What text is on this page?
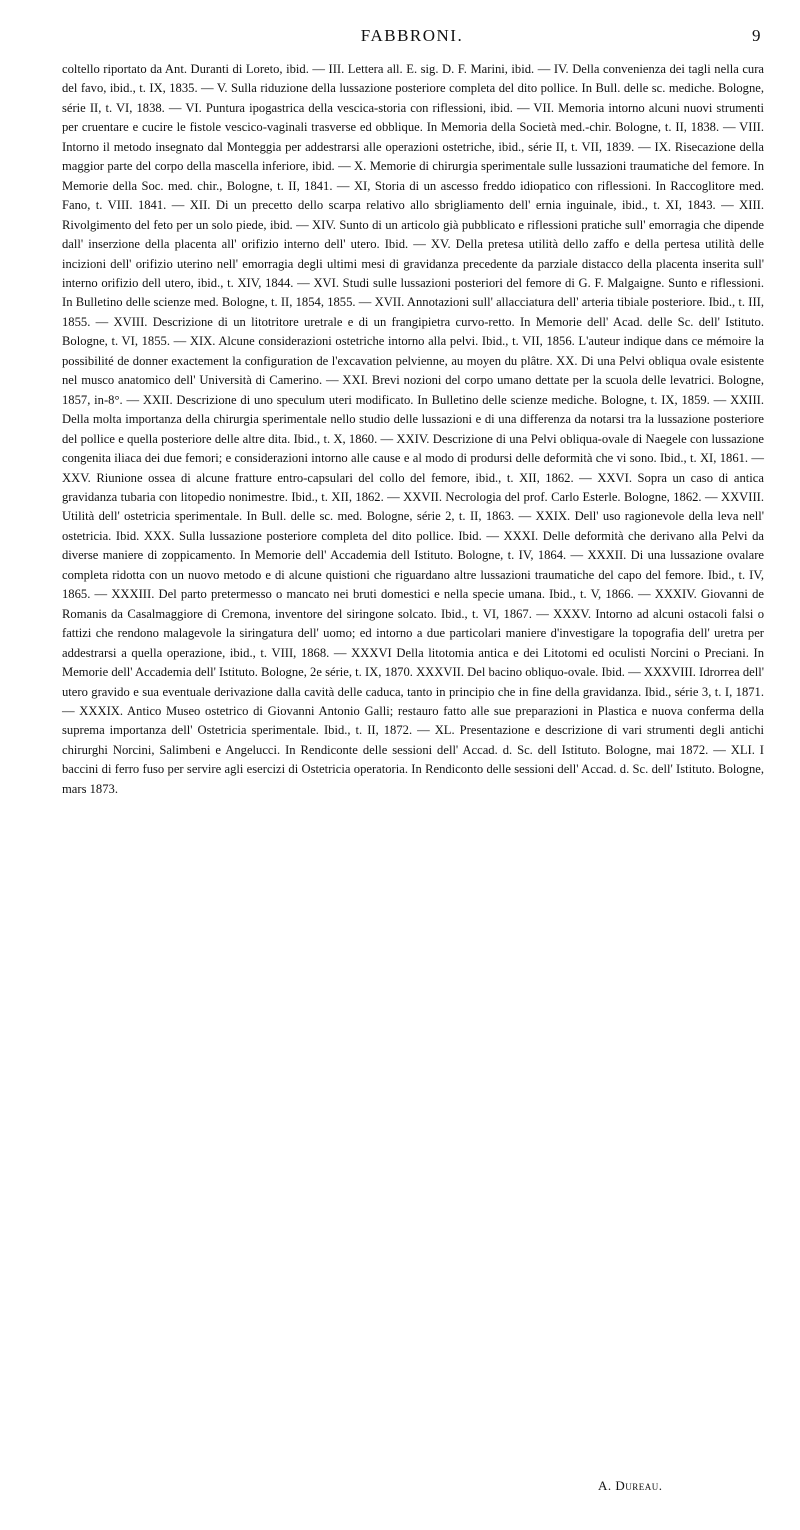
FABBRONI.	9
coltello riportato da Ant. Duranti di Loreto, ibid. — III. Lettera all. E. sig. D. F. Marini, ibid. — IV. Della convenienza dei tagli nella cura del favo, ibid., t. IX, 1835. — V. Sulla riduzione della lussazione posteriore completa del dito pollice. In Bull. delle sc. mediche. Bologne, série II, t. VI, 1838. — VI. Puntura ipogastrica della vescica-storia con riflessioni, ibid. — VII. Memoria intorno alcuni nuovi strumenti per cruentare e cucire le fistole vescico-vaginali trasverse ed obblique. In Memoria della Società med.-chir. Bologne, t. II, 1838. — VIII. Intorno il metodo insegnato dal Monteggia per addestrarsi alle operazioni ostetriche, ibid., série II, t. VII, 1839. — IX. Risecazione della maggior parte del corpo della mascella inferiore, ibid. — X. Memorie di chirurgia sperimentale sulle lussazioni traumatiche del femore. In Memorie della Soc. med. chir., Bologne, t. II, 1841. — XI, Storia di un ascesso freddo idiopatico con riflessioni. In Raccoglitore med. Fano, t. VIII. 1841. — XII. Di un precetto dello scarpa relativo allo sbrigliamento dell' ernia inguinale, ibid., t. XI, 1843. — XIII. Rivolgimento del feto per un solo piede, ibid. — XIV. Sunto di un articolo già pubblicato e riflessioni pratiche sull' emorragia che dipende dall' inserzione della placenta all' orifizio interno dell' utero. Ibid. — XV. Della pretesa utilità dello zaffo e della pertesa utilità delle incizioni dell' orifizio uterino nell' emorragia degli ultimi mesi di gravidanza precedente da parziale distacco della placenta inserita sull' interno orifizio dell utero, ibid., t. XIV, 1844. — XVI. Studi sulle lussazioni posteriori del femore di G. F. Malgaigne. Sunto e riflessioni. In Bulletino delle scienze med. Bologne, t. II, 1854, 1855. — XVII. Annotazioni sull' allacciatura dell' arteria tibiale posteriore. Ibid., t. III, 1855. — XVIII. Descrizione di un litotritore uretrale e di un frangipietra curvo-retto. In Memorie dell' Acad. delle Sc. dell' Istituto. Bologne, t. VI, 1855. — XIX. Alcune considerazioni ostetriche intorno alla pelvi. Ibid., t. VII, 1856. L'auteur indique dans ce mémoire la possibilité de donner exactement la configuration de l'excavation pelvienne, au moyen du plâtre. XX. Di una Pelvi obliqua ovale esistente nel musco anatomico dell' Università di Camerino. — XXI. Brevi nozioni del corpo umano dettate per la scuola delle levatrici. Bologne, 1857, in-8°. — XXII. Descrizione di uno speculum uteri modificato. In Bulletino delle scienze mediche. Bologne, t. IX, 1859. — XXIII. Della molta importanza della chirurgia sperimentale nello studio delle lussazioni e di una differenza da notarsi tra la lussazione posteriore del pollice e quella posteriore delle altre dita. Ibid., t. X, 1860. — XXIV. Descrizione di una Pelvi obliqua-ovale di Naegele con lussazione congenita iliaca dei due femori; e considerazioni intorno alle cause e al modo di prodursi delle deformità che vi sono. Ibid., t. XI, 1861. — XXV. Riunione ossea di alcune fratture entro-capsulari del collo del femore, ibid., t. XII, 1862. — XXVI. Sopra un caso di antica gravidanza tubaria con litopedio nonimestre. Ibid., t. XII, 1862. — XXVII. Necrologia del prof. Carlo Esterle. Bologne, 1862. — XXVIII. Utilità dell' ostetricia sperimentale. In Bull. delle sc. med. Bologne, série 2, t. II, 1863. — XXIX. Dell' uso ragionevole della leva nell' ostetricia. Ibid. XXX. Sulla lussazione posteriore completa del dito pollice. Ibid. — XXXI. Delle deformità che derivano alla Pelvi da diverse maniere di zoppicamento. In Memorie dell' Accademia dell Istituto. Bologne, t. IV, 1864. — XXXII. Di una lussazione ovalare completa ridotta con un nuovo metodo e di alcune quistioni che riguardano altre lussazioni traumatiche del capo del femore. Ibid., t. IV, 1865. — XXXIII. Del parto pretermesso o mancato nei bruti domestici e nella specie umana. Ibid., t. V, 1866. — XXXIV. Giovanni de Romanis da Casalmaggiore di Cremona, inventore del siringone solcato. Ibid., t. VI, 1867. — XXXV. Intorno ad alcuni ostacoli falsi o fattizi che rendono malagevole la siringatura dell' uomo; ed intorno a due particolari maniere d'investigare la topografia dell' uretra per addestrarsi a quella operazione, ibid., t. VIII, 1868. — XXXVI Della litotomia antica e dei Litotomi ed oculisti Norcini o Preciani. In Memorie dell' Accademia dell' Istituto. Bologne, 2e série, t. IX, 1870. XXXVII. Del bacino obliquo-ovale. Ibid. — XXXVIII. Idrorrea dell' utero gravido e sua eventuale derivazione dalla cavità delle caduca, tanto in principio che in fine della gravidanza. Ibid., série 3, t. I, 1871. — XXXIX. Antico Museo ostetrico di Giovanni Antonio Galli; restauro fatto alle sue preparazioni in Plastica e nuova conferma della suprema importanza dell' Ostetricia sperimentale. Ibid., t. II, 1872. — XL. Presentazione e descrizione di vari strumenti degli antichi chirurghi Norcini, Salimbeni e Angelucci. In Rendiconte delle sessioni dell' Accad. d. Sc. dell Istituto. Bologne, mai 1872. — XLI. I baccini di ferro fuso per servire agli esercizi di Ostetricia operatoria. In Rendiconto delle sessioni dell' Accad. d. Sc. dell' Istituto. Bologne, mars 1873.
A. Dureau.
